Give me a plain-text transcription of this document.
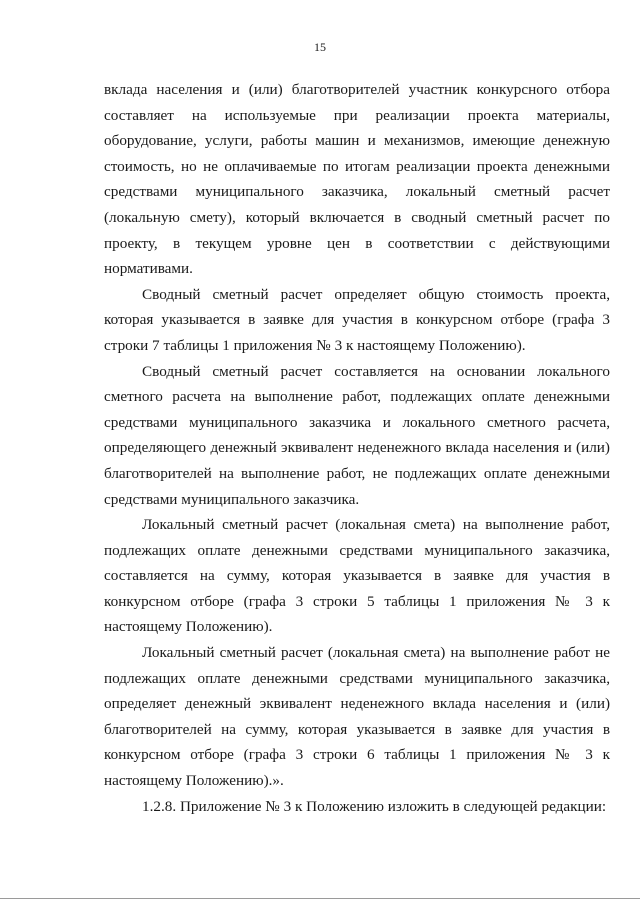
15

вклада населения и (или) благотворителей участник конкурсного отбора составляет на используемые при реализации проекта материалы, оборудование, услуги, работы машин и механизмов, имеющие денежную стоимость, но не оплачиваемые по итогам реализации проекта денежными средствами муниципального заказчика, локальный сметный расчет (локальную смету), который включается в сводный сметный расчет по проекту, в текущем уровне цен в соответствии с действующими нормативами.

Сводный сметный расчет определяет общую стоимость проекта, которая указывается в заявке для участия в конкурсном отборе (графа 3 строки 7 таблицы 1 приложения № 3 к настоящему Положению).

Сводный сметный расчет составляется на основании локального сметного расчета на выполнение работ, подлежащих оплате денежными средствами муниципального заказчика и локального сметного расчета, определяющего денежный эквивалент неденежного вклада населения и (или) благотворителей на выполнение работ, не подлежащих оплате денежными средствами муниципального заказчика.

Локальный сметный расчет (локальная смета) на выполнение работ, подлежащих оплате денежными средствами муниципального заказчика, составляется на сумму, которая указывается в заявке для участия в конкурсном отборе (графа 3 строки 5 таблицы 1 приложения № 3 к настоящему Положению).

Локальный сметный расчет (локальная смета) на выполнение работ не подлежащих оплате денежными средствами муниципального заказчика, определяет денежный эквивалент неденежного вклада населения и (или) благотворителей на сумму, которая указывается в заявке для участия в конкурсном отборе (графа 3 строки 6 таблицы 1 приложения № 3 к настоящему Положению).».

1.2.8. Приложение № 3 к Положению изложить в следующей редакции:
